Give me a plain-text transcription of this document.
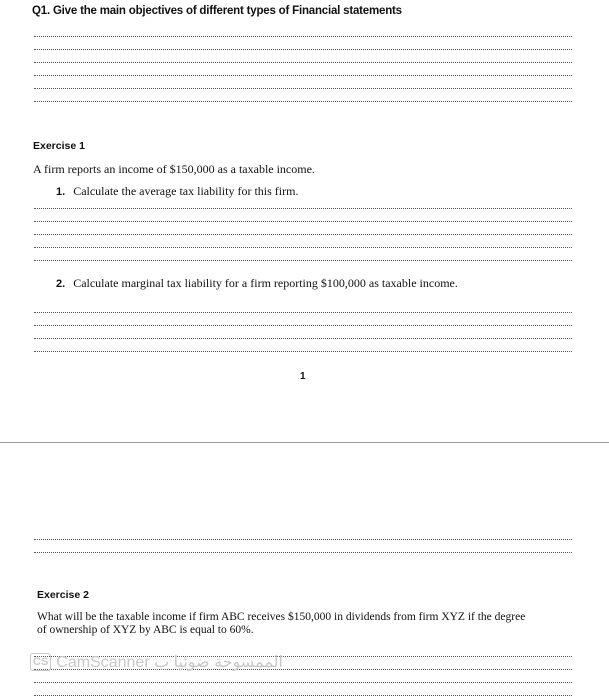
Q1. Give the main objectives of different types of Financial statements
Exercise 1
A firm reports an income of $150,000 as a taxable income.
1. Calculate the average tax liability for this firm.
2. Calculate marginal tax liability for a firm reporting $100,000 as taxable income.
1
Exercise 2
What will be the taxable income if firm ABC receives $150,000 in dividends from firm XYZ if the degree
of ownership of XYZ by ABC is equal to 60%.
CS CamScanner الممسوحة ضوئيا ب
